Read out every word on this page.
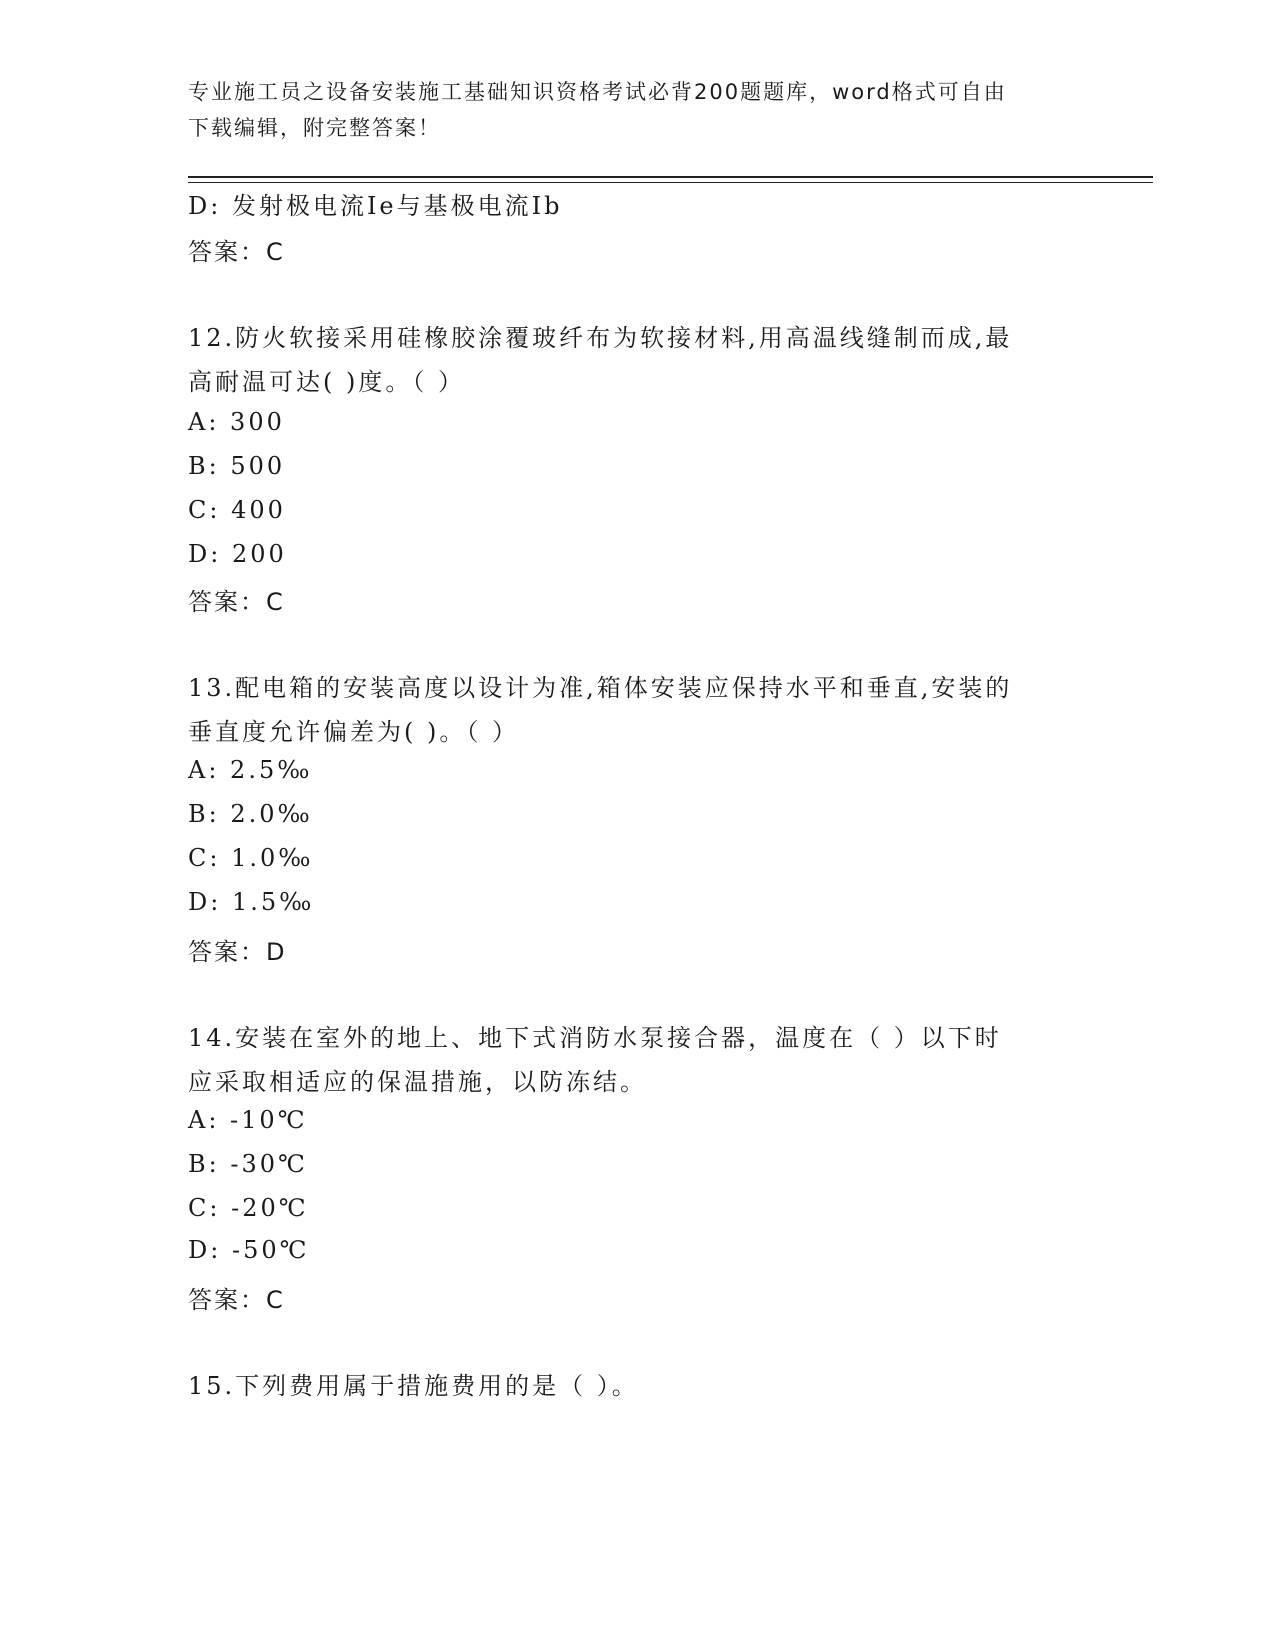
专业施工员之设备安装施工基础知识资格考试必背200题题库，word格式可自由
下载编辑，附完整答案！
D: 发射极电流Ie与基极电流Ib
答案：C
12.防火软接采用硅橡胶涂覆玻纤布为软接材料,用高温线缝制而成,最
高耐温可达( )度。（ ）
A: 300
B: 500
C: 400
D: 200
答案：C
13.配电箱的安装高度以设计为准,箱体安装应保持水平和垂直,安装的
垂直度允许偏差为( )。（ ）
A: 2.5‰
B: 2.0‰
C: 1.0‰
D: 1.5‰
答案：D
14.安装在室外的地上、地下式消防水泵接合器，温度在（ ）以下时
应采取相适应的保温措施，以防冻结。
A: -10℃
B: -30℃
C: -20℃
D: -50℃
答案：C
15.下列费用属于措施费用的是（ ）。
